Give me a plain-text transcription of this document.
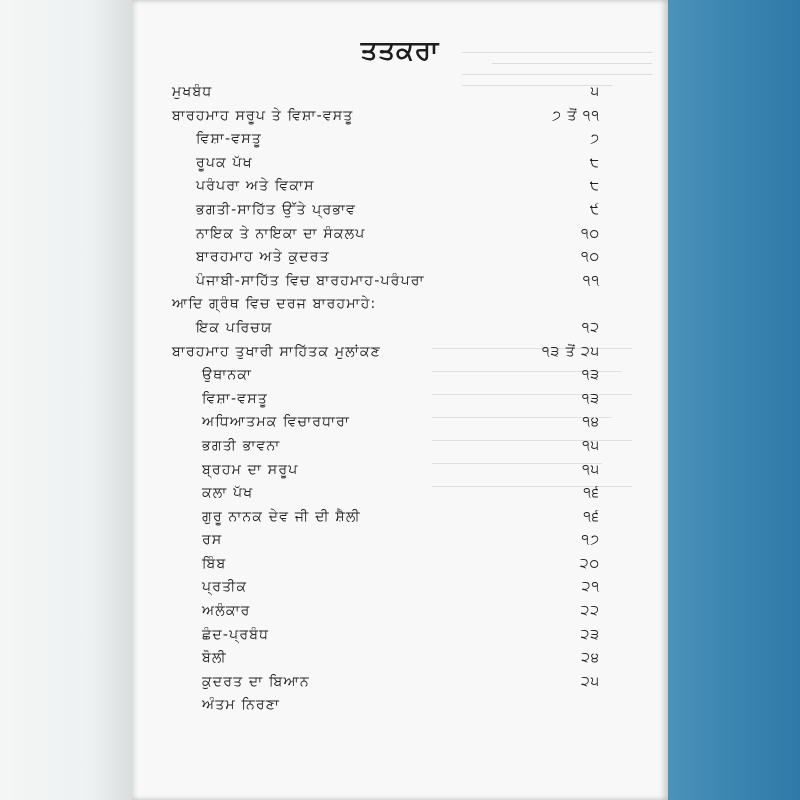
ਤਤਕਰਾ
ਮੁਖਬੰਧ	੫
ਬਾਰਹਮਾਹ ਸਰੂਪ ਤੇ ਵਿਸ਼ਾ-ਵਸਤੂ	੭ ਤੋਂ ੧੧
ਵਿਸ਼ਾ-ਵਸਤੂ	੭
ਰੂਪਕ ਪੱਖ	੮
ਪਰੰਪਰਾ ਅਤੇ ਵਿਕਾਸ	੮
ਭਗਤੀ-ਸਾਹਿੱਤ ਉੱਤੇ ਪ੍ਰਭਾਵ	੯
ਨਾਇਕ ਤੇ ਨਾਇਕਾ ਦਾ ਸੰਕਲਪ	੧੦
ਬਾਰਹਮਾਹ ਅਤੇ ਕੁਦਰਤ	੧੦
ਪੰਜਾਬੀ-ਸਾਹਿੱਤ ਵਿਚ ਬਾਰਹਮਾਹ-ਪਰੰਪਰਾ	੧੧
ਆਦਿ ਗ੍ਰੰਥ ਵਿਚ ਦਰਜ ਬਾਰਹਮਾਹੇ:
ਇਕ ਪਰਿਚਯ	੧੨
ਬਾਰਹਮਾਹ ਤੁਖਾਰੀ ਸਾਹਿੱਤਕ ਮੁਲਾਂਕਣ	੧੩ ਤੋਂ ੨੫
ਉਥਾਨਕਾ	੧੩
ਵਿਸ਼ਾ-ਵਸਤੂ	੧੩
ਅਧਿਆਤਮਕ ਵਿਚਾਰਧਾਰਾ	੧੪
ਭਗਤੀ ਭਾਵਨਾ	੧੫
ਬ੍ਰਹਮ ਦਾ ਸਰੂਪ	੧੫
ਕਲਾ ਪੱਖ	੧੬
ਗੁਰੂ ਨਾਨਕ ਦੇਵ ਜੀ ਦੀ ਸ਼ੈਲੀ	੧੬
ਰਸ	੧੭
ਬਿੰਬ	੨੦
ਪ੍ਰਤੀਕ	੨੧
ਅਲੰਕਾਰ	੨੨
ਛੰਦ-ਪ੍ਰਬੰਧ	੨੩
ਬੋਲੀ	੨੪
ਕੁਦਰਤ ਦਾ ਬਿਆਨ	੨੫
ਅੰਤਮ ਨਿਰਣਾ
